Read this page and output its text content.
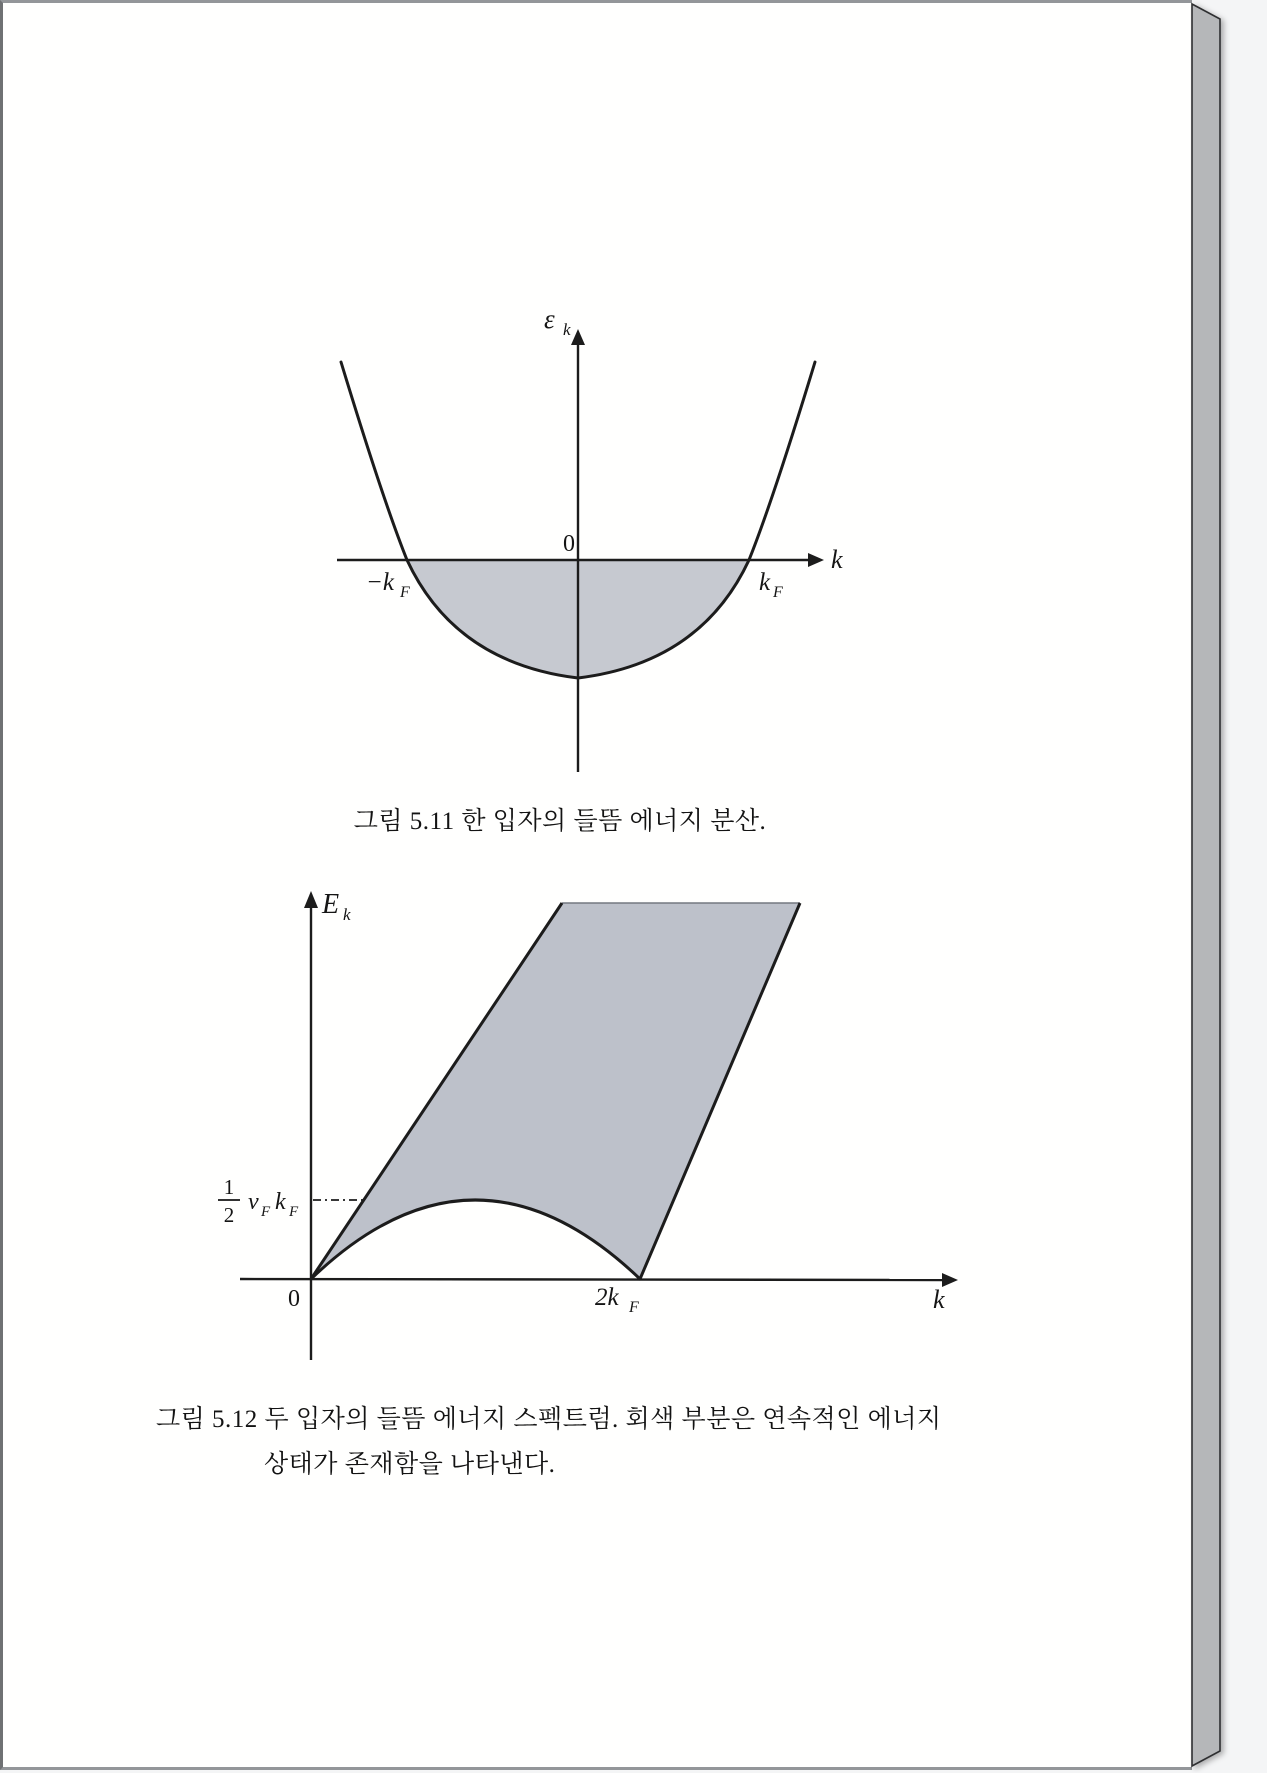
ε k
0
k
−k F	k F
E k
0	2k F	k
1
2 v F k F
그림 5.11 한 입자의 들뜸 에너지 분산.
그림 5.12 두 입자의 들뜸 에너지 스펙트럼. 회색 부분은 연속적인 에너지
상태가 존재함을 나타낸다.
